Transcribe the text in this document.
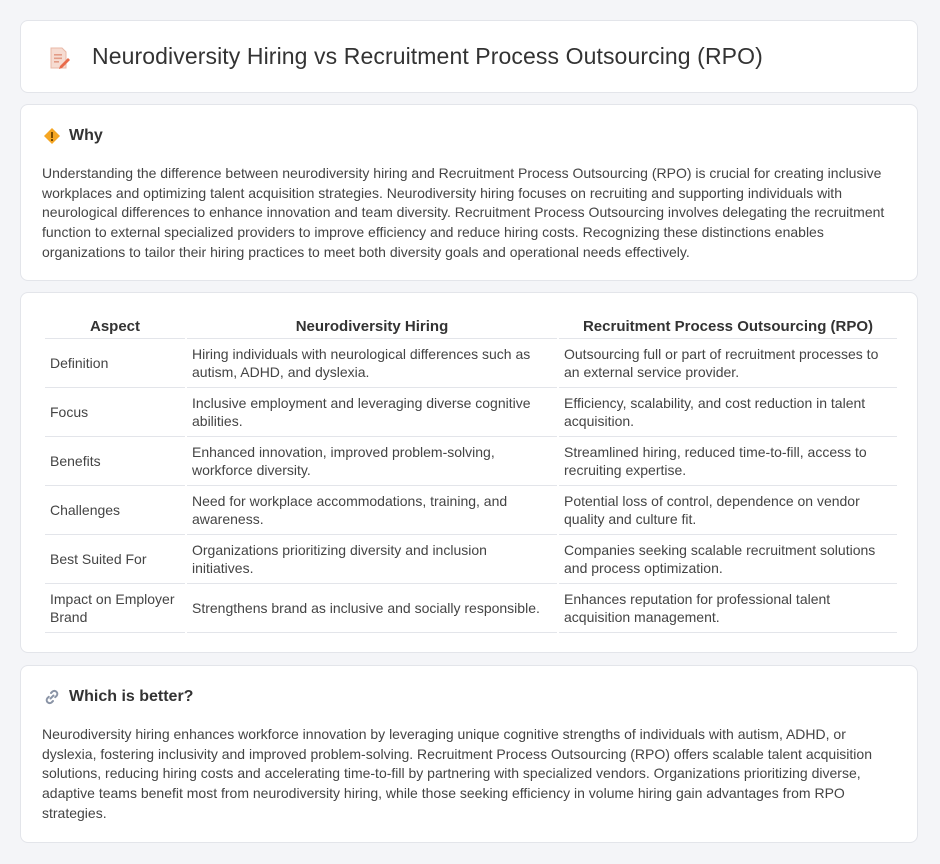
Neurodiversity Hiring vs Recruitment Process Outsourcing (RPO)
Why

Understanding the difference between neurodiversity hiring and Recruitment Process Outsourcing (RPO) is crucial for creating inclusive workplaces and optimizing talent acquisition strategies. Neurodiversity hiring focuses on recruiting and supporting individuals with neurological differences to enhance innovation and team diversity. Recruitment Process Outsourcing involves delegating the recruitment function to external specialized providers to improve efficiency and reduce hiring costs. Recognizing these distinctions enables organizations to tailor their hiring practices to meet both diversity goals and operational needs effectively.

Aspect	Neurodiversity Hiring	Recruitment Process Outsourcing (RPO)
Definition	Hiring individuals with neurological differences such as autism, ADHD, and dyslexia.	Outsourcing full or part of recruitment processes to an external service provider.
Focus	Inclusive employment and leveraging diverse cognitive abilities.	Efficiency, scalability, and cost reduction in talent acquisition.
Benefits	Enhanced innovation, improved problem-solving, workforce diversity.	Streamlined hiring, reduced time-to-fill, access to recruiting expertise.
Challenges	Need for workplace accommodations, training, and awareness.	Potential loss of control, dependence on vendor quality and culture fit.
Best Suited For	Organizations prioritizing diversity and inclusion initiatives.	Companies seeking scalable recruitment solutions and process optimization.
Impact on Employer Brand	Strengthens brand as inclusive and socially responsible.	Enhances reputation for professional talent acquisition management.
Which is better?

Neurodiversity hiring enhances workforce innovation by leveraging unique cognitive strengths of individuals with autism, ADHD, or dyslexia, fostering inclusivity and improved problem-solving. Recruitment Process Outsourcing (RPO) offers scalable talent acquisition solutions, reducing hiring costs and accelerating time-to-fill by partnering with specialized vendors. Organizations prioritizing diverse, adaptive teams benefit most from neurodiversity hiring, while those seeking efficiency in volume hiring gain advantages from RPO strategies.
